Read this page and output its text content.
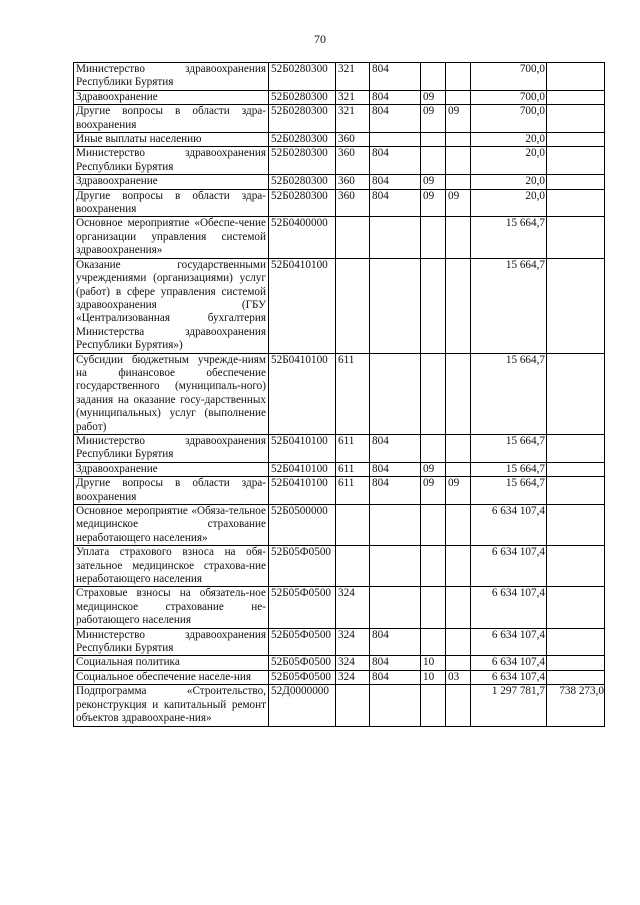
70
Министерство здравоохранения Республики Бурятия	52Б0280300	321	804			700,0	
Здравоохранение	52Б0280300	321	804	09		700,0	
Другие вопросы в области здра-воохранения	52Б0280300	321	804	09	09	700,0	
Иные выплаты населению	52Б0280300	360				20,0	
Министерство здравоохранения Республики Бурятия	52Б0280300	360	804			20,0	
Здравоохранение	52Б0280300	360	804	09		20,0	
Другие вопросы в области здра-воохранения	52Б0280300	360	804	09	09	20,0	
Основное мероприятие «Обеспе-чение организации управления системой здравоохранения»	52Б0400000					15 664,7	
Оказание государственными учреждениями (организациями) услуг (работ) в сфере управления системой здравоохранения (ГБУ «Централизованная бухгалтерия Министерства здравоохранения Республики Бурятия»)	52Б0410100					15 664,7	
Субсидии бюджетным учрежде-ниям на финансовое обеспечение государственного (муниципаль-ного) задания на оказание госу-дарственных (муниципальных) услуг (выполнение работ)	52Б0410100	611				15 664,7	
Министерство здравоохранения Республики Бурятия	52Б0410100	611	804			15 664,7	
Здравоохранение	52Б0410100	611	804	09		15 664,7	
Другие вопросы в области здра-воохранения	52Б0410100	611	804	09	09	15 664,7	
Основное мероприятие «Обяза-тельное медицинское страхование неработающего населения»	52Б0500000					6 634 107,4	
Уплата страхового взноса на обя-зательное медицинское страхова-ние неработающего населения	52Б05Ф0500					6 634 107,4	
Страховые взносы на обязатель-ное медицинское страхование не-работающего населения	52Б05Ф0500	324				6 634 107,4	
Министерство здравоохранения Республики Бурятия	52Б05Ф0500	324	804			6 634 107,4	
Социальная политика	52Б05Ф0500	324	804	10		6 634 107,4	
Социальное обеспечение населе-ния	52Б05Ф0500	324	804	10	03	6 634 107,4	
Подпрограмма «Строительство, реконструкция и капитальный ремонт объектов здравоохране-ния»	52Д0000000					1 297 781,7	738 273,0
